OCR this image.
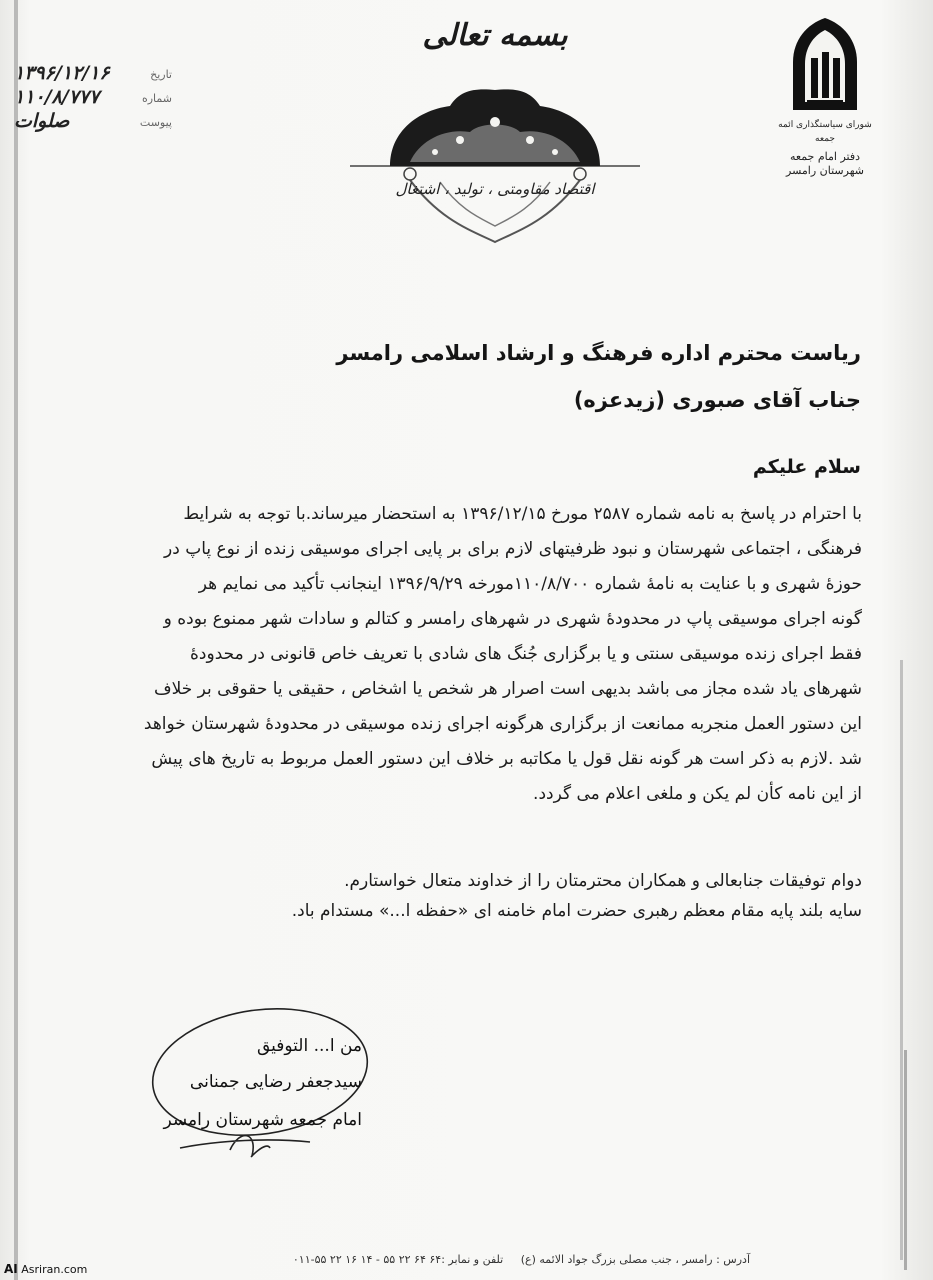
شورای سیاستگذاری ائمه جمعه
دفتر امام جمعه شهرستان رامسر
بسمه تعالی
اقتصاد مقاومتی ، تولید ، اشتغال
۱۳۹۶/۱۲/۱۶	تاریخ
۱۱۰/۸/۷۷۷	شماره
صلوات	پیوست
ریاست محترم اداره فرهنگ و ارشاد اسلامی رامسر
جناب آقای صبوری (زیدعزه)
سلام علیکم
با احترام در پاسخ به نامه شماره ۲۵۸۷ مورخ ۱۳۹۶/۱۲/۱۵ به استحضار میرساند.با توجه به شرایط
فرهنگی ، اجتماعی شهرستان و نبود ظرفیتهای لازم برای بر پایی اجرای موسیقی زنده از نوع پاپ در
حوزهٔ شهری و با عنایت به نامهٔ شماره ۱۱۰/۸/۷۰۰مورخه ۱۳۹۶/۹/۲۹ اینجانب تأکید می نمایم هر
گونه اجرای موسیقی پاپ در محدودهٔ شهری در شهرهای رامسر و کتالم و سادات شهر ممنوع بوده و
فقط اجرای زنده موسیقی سنتی و یا برگزاری جُنگ های شادی با تعریف خاص قانونی در محدودهٔ
شهرهای یاد شده مجاز می باشد بدیهی است اصرار هر شخص یا اشخاص ، حقیقی یا حقوقی بر خلاف
این دستور العمل منجربه ممانعت از برگزاری هرگونه اجرای زنده موسیقی در محدودهٔ شهرستان خواهد
شد .لازم به ذکر است هر گونه نقل قول یا مکاتبه بر خلاف این دستور العمل مربوط به تاریخ های پیش
از این نامه کأن لم یکن و ملغی اعلام می گردد.
دوام توفیقات جنابعالی و همکاران محترمتان را از خداوند متعال خواستارم.
سایه بلند پایه مقام معظم رهبری حضرت امام خامنه ای «حفظه ا...» مستدام باد.
من ا... التوفیق
سیدجعفر رضایی جمنانی
امام جمعه شهرستان رامسر
آدرس : رامسر ، جنب مصلی بزرگ جواد الائمه (ع) تلفن و نمابر :۶۴ ۶۴ ۲۲ ۵۵ - ۱۴ ۱۶ ۲۲ ۵۵-۰۱۱
AI Asriran.com
